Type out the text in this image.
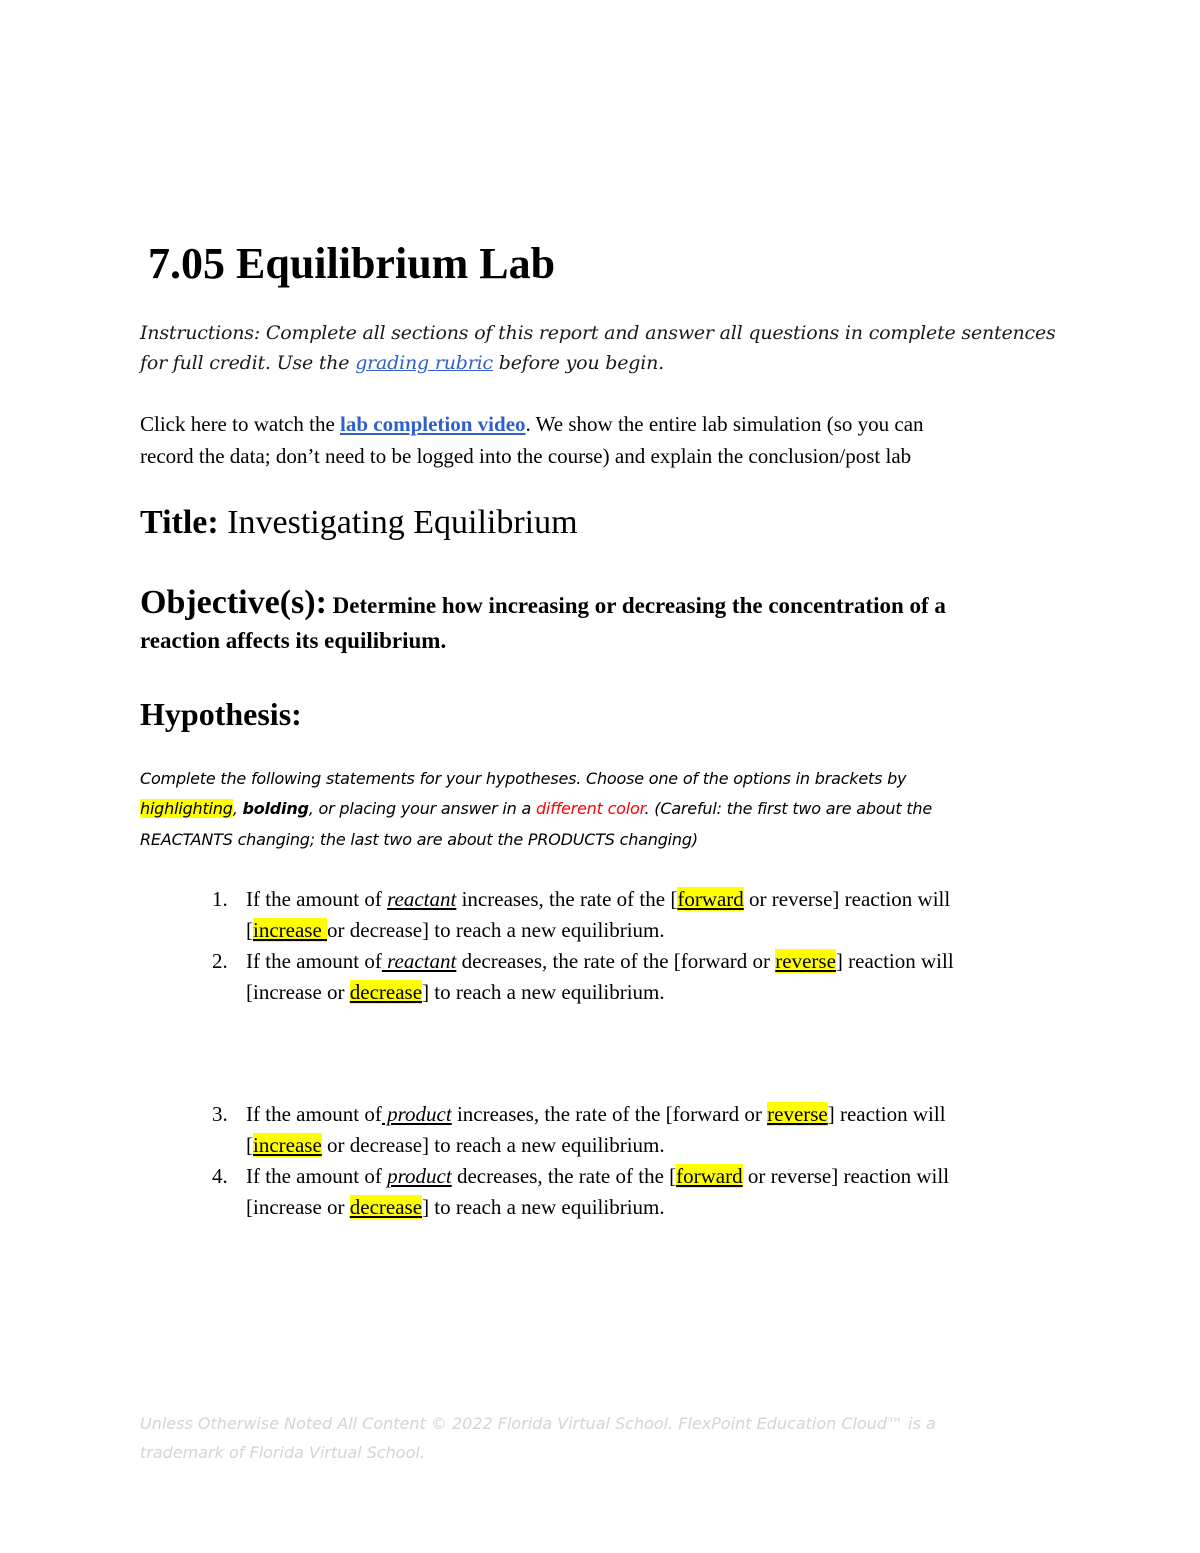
7.05 Equilibrium Lab
Instructions: Complete all sections of this report and answer all questions in complete sentences
for full credit. Use the grading rubric before you begin.
Click here to watch the lab completion video. We show the entire lab simulation (so you can
record the data; don’t need to be logged into the course) and explain the conclusion/post lab
Title: Investigating Equilibrium
Objective(s): Determine how increasing or decreasing the concentration of a
reaction affects its equilibrium.
Hypothesis:
Complete the following statements for your hypotheses. Choose one of the options in brackets by
highlighting, bolding, or placing your answer in a different color. (Careful: the first two are about the
REACTANTS changing; the last two are about the PRODUCTS changing)
1. If the amount of reactant increases, the rate of the [forward or reverse] reaction will
[increase or decrease] to reach a new equilibrium.
2. If the amount of reactant decreases, the rate of the [forward or reverse] reaction will
[increase or decrease] to reach a new equilibrium.
3. If the amount of product increases, the rate of the [forward or reverse] reaction will
[increase or decrease] to reach a new equilibrium.
4. If the amount of product decreases, the rate of the [forward or reverse] reaction will
[increase or decrease] to reach a new equilibrium.
Unless Otherwise Noted All Content © 2022 Florida Virtual School. FlexPoint Education Cloud™ is a
trademark of Florida Virtual School.
